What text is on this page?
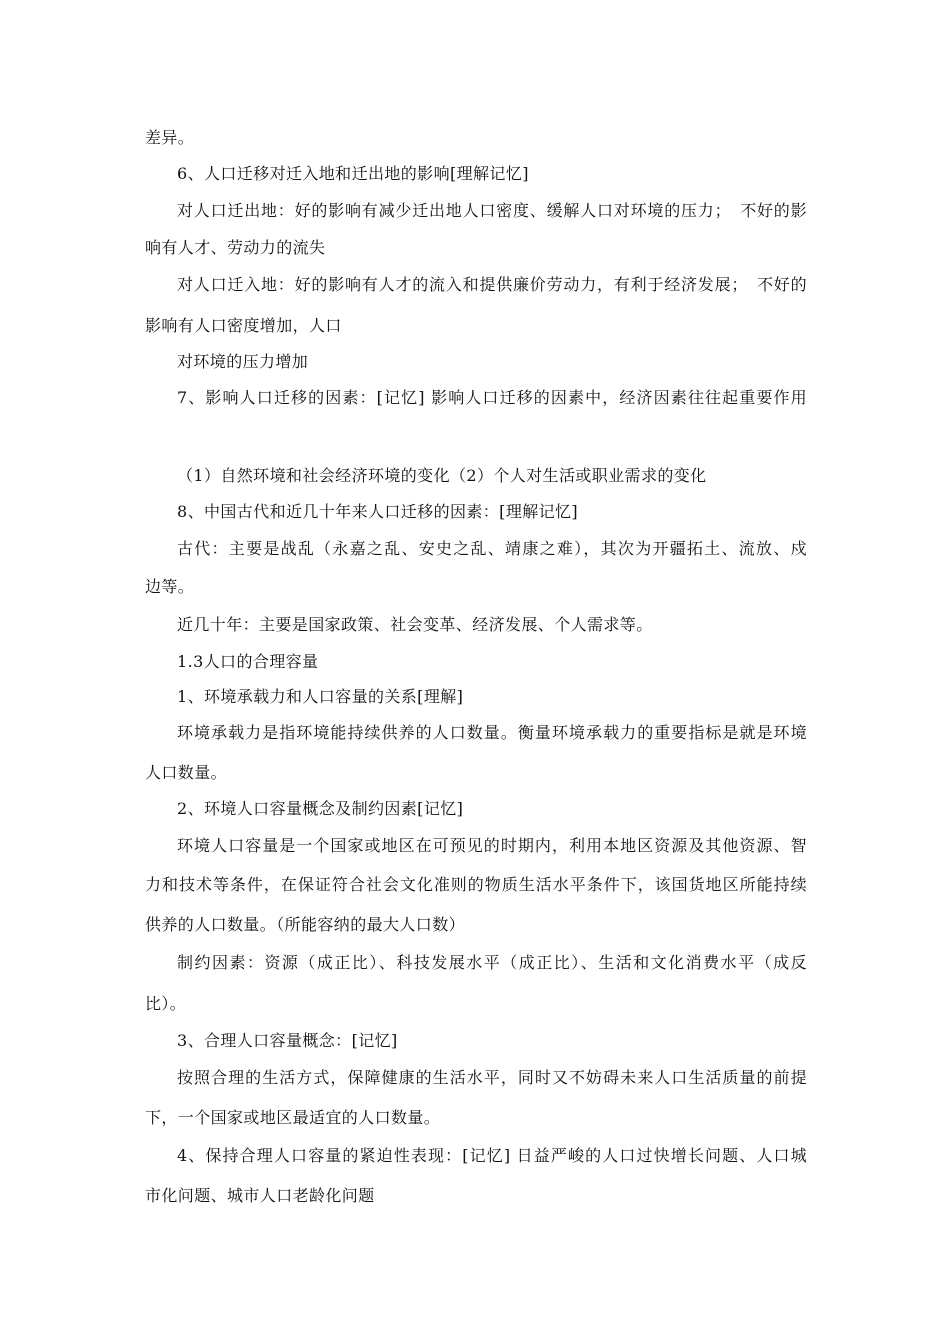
差异。
6、人口迁移对迁入地和迁出地的影响[理解记忆]
对人口迁出地：好的影响有减少迁出地人口密度、缓解人口对环境的压力；　不好的影
响有人才、劳动力的流失
对人口迁入地：好的影响有人才的流入和提供廉价劳动力，有利于经济发展；　不好的
影响有人口密度增加，人口
对环境的压力增加
7、影响人口迁移的因素：[记忆] 影响人口迁移的因素中，经济因素往往起重要作用
（1）自然环境和社会经济环境的变化（2）个人对生活或职业需求的变化
8、中国古代和近几十年来人口迁移的因素：[理解记忆]
古代：主要是战乱（永嘉之乱、安史之乱、靖康之难），其次为开疆拓土、流放、戍
边等。
近几十年：主要是国家政策、社会变革、经济发展、个人需求等。
1.3人口的合理容量
1、环境承载力和人口容量的关系[理解]
环境承载力是指环境能持续供养的人口数量。衡量环境承载力的重要指标是就是环境
人口数量。
2、环境人口容量概念及制约因素[记忆]
环境人口容量是一个国家或地区在可预见的时期内，利用本地区资源及其他资源、智
力和技术等条件，在保证符合社会文化准则的物质生活水平条件下，该国货地区所能持续
供养的人口数量。（所能容纳的最大人口数）
制约因素：资源（成正比）、科技发展水平（成正比）、生活和文化消费水平（成反
比）。
3、合理人口容量概念：[记忆]
按照合理的生活方式，保障健康的生活水平，同时又不妨碍未来人口生活质量的前提
下，一个国家或地区最适宜的人口数量。
4、保持合理人口容量的紧迫性表现：[记忆] 日益严峻的人口过快增长问题、人口城
市化问题、城市人口老龄化问题
